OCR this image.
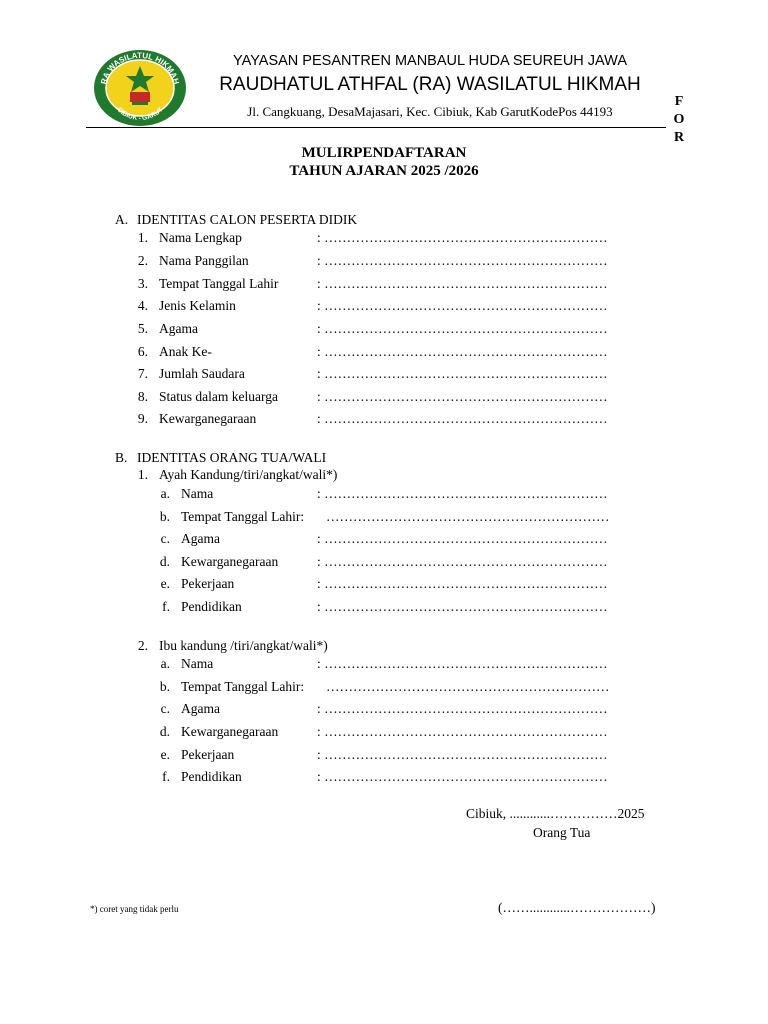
RA WASILATUL HIKMAH
CIBIUK - GARUT
YAYASAN PESANTREN MANBAUL HUDA SEUREUH JAWA
RAUDHATUL ATHFAL (RA) WASILATUL HIKMAH
Jl. Cangkuang, DesaMajasari, Kec. Cibiuk, Kab GarutKodePos 44193
F
O
R
MULIRPENDAFTARAN
TAHUN AJARAN 2025 /2026
A. IDENTITAS CALON PESERTA DIDIK
1. Nama Lengkap	: ………………………………………………………
2. Nama Panggilan	: ………………………………………………………
3. Tempat Tanggal Lahir	: ………………………………………………………
4. Jenis Kelamin	: ………………………………………………………
5. Agama	: ………………………………………………………
6. Anak Ke-	: ………………………………………………………
7. Jumlah Saudara	: ………………………………………………………
8. Status dalam keluarga	: ………………………………………………………
9. Kewarganegaraan	: ………………………………………………………
B. IDENTITAS ORANG TUA/WALI
1. Ayah Kandung/tiri/angkat/wali*)
a. Nama	: ………………………………………………………
b. Tempat Tanggal Lahir: ………………………………………………………
c. Agama	: ………………………………………………………
d. Kewarganegaraan	: ………………………………………………………
e. Pekerjaan	: ………………………………………………………
f. Pendidikan	: ………………………………………………………
2. Ibu kandung /tiri/angkat/wali*)
a. Nama	: ………………………………………………………
b. Tempat Tanggal Lahir: ………………………………………………………
c. Agama	: ………………………………………………………
d. Kewarganegaraan	: ………………………………………………………
e. Pekerjaan	: ………………………………………………………
f. Pendidikan	: ………………………………………………………
Cibiuk, ............……………2025
Orang Tua
(……............………………)
*) coret yang tidak perlu
